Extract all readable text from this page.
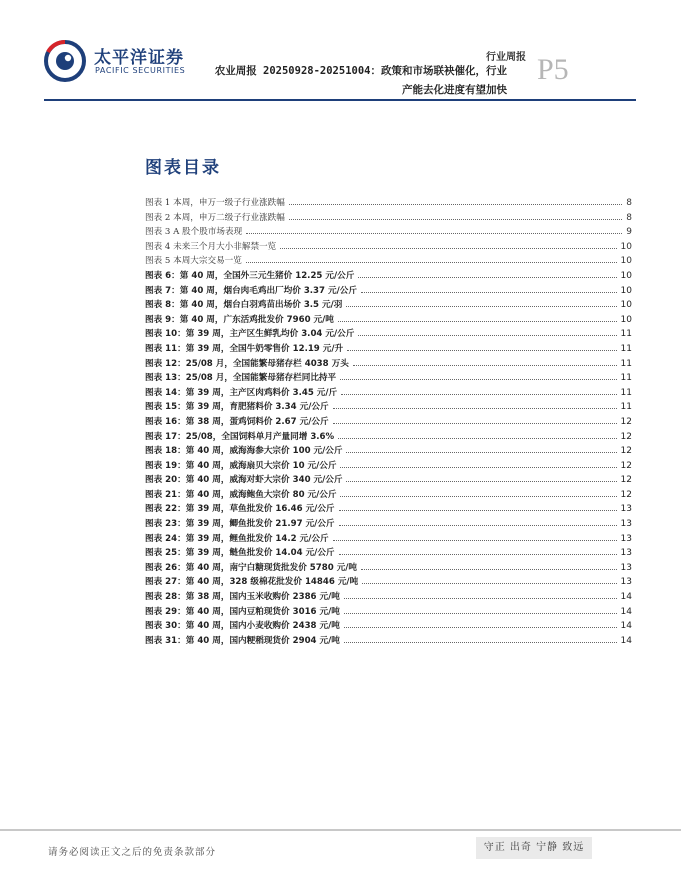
太平洋证券
PACIFIC SECURITIES
行业周报
农业周报 20250928-20251004：政策和市场联袂催化，行业
产能去化进度有望加快
P5
图表目录
图表 1 本周，申万一级子行业涨跌幅	8
图表 2 本周，申万二级子行业涨跌幅	8
图表 3 A 股个股市场表现	9
图表 4 未来三个月大小非解禁一览	10
图表 5 本周大宗交易一览	10
图表 6：第 40 周，全国外三元生猪价 12.25 元/公斤	10
图表 7：第 40 周，烟台肉毛鸡出厂均价 3.37 元/公斤	10
图表 8：第 40 周，烟台白羽鸡苗出场价 3.5 元/羽	10
图表 9：第 40 周，广东活鸡批发价 7960 元/吨	10
图表 10：第 39 周，主产区生鲜乳均价 3.04 元/公斤	11
图表 11：第 39 周，全国牛奶零售价 12.19 元/升	11
图表 12：25/08 月，全国能繁母猪存栏 4038 万头	11
图表 13：25/08 月，全国能繁母猪存栏同比持平	11
图表 14：第 39 周，主产区肉鸡料价 3.45 元/斤	11
图表 15：第 39 周，育肥猪料价 3.34 元/公斤	11
图表 16：第 38 周，蛋鸡饲料价 2.67 元/公斤	12
图表 17：25/08，全国饲料单月产量同增 3.6%	12
图表 18：第 40 周，威海海参大宗价 100 元/公斤	12
图表 19：第 40 周，威海扇贝大宗价 10 元/公斤	12
图表 20：第 40 周，威海对虾大宗价 340 元/公斤	12
图表 21：第 40 周，威海鲍鱼大宗价 80 元/公斤	12
图表 22：第 39 周，草鱼批发价 16.46 元/公斤	13
图表 23：第 39 周，鲫鱼批发价 21.97 元/公斤	13
图表 24：第 39 周，鲤鱼批发价 14.2 元/公斤	13
图表 25：第 39 周，鲢鱼批发价 14.04 元/公斤	13
图表 26：第 40 周，南宁白糖现货批发价 5780 元/吨	13
图表 27：第 40 周，328 级棉花批发价 14846 元/吨	13
图表 28：第 38 周，国内玉米收购价 2386 元/吨	14
图表 29：第 40 周，国内豆粕现货价 3016 元/吨	14
图表 30：第 40 周，国内小麦收购价 2438 元/吨	14
图表 31：第 40 周，国内粳稻现货价 2904 元/吨	14
请务必阅读正文之后的免责条款部分	守正 出奇 宁静 致远
